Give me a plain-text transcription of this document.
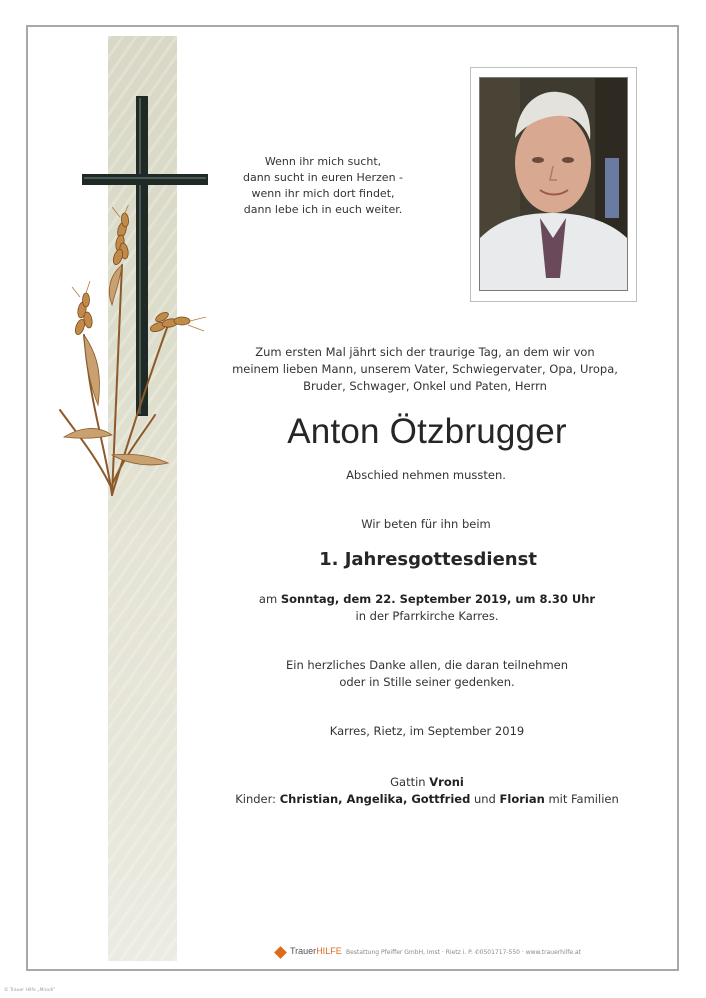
Wenn ihr mich sucht,
dann sucht in euren Herzen -
wenn ihr mich dort findet,
dann lebe ich in euch weiter.
Zum ersten Mal jährt sich der traurige Tag, an dem wir von
meinem lieben Mann, unserem Vater, Schwiegervater, Opa, Uropa,
Bruder, Schwager, Onkel und Paten, Herrn
Anton Ötzbrugger
Abschied nehmen mussten.
Wir beten für ihn beim
1. Jahresgottesdienst
am Sonntag, dem 22. September 2019, um 8.30 Uhr
in der Pfarrkirche Karres.
Ein herzliches Danke allen, die daran teilnehmen
oder in Stille seiner gedenken.
Karres, Rietz, im September 2019
Gattin Vroni
Kinder: Christian, Angelika, Gottfried und Florian mit Familien
TrauerHILFE Bestattung Pfeiffer GmbH, Imst · Rietz i. P. ✆0501717-550 · www.trauerhilfe.at
© Trauer Hilfe „Mirodi"
